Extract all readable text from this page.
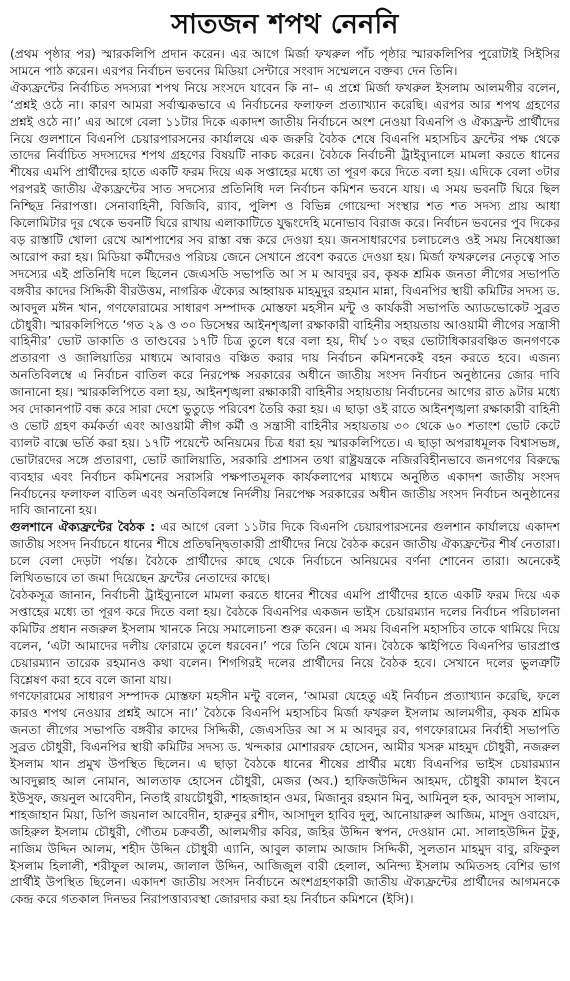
সাতজন শপথ নেননি

(প্রথম পৃষ্ঠার পর) স্মারকলিপি প্রদান করেন। এর আগে মির্জা ফখরুল পাঁচ পৃষ্ঠার স্মারকলিপির পুরোটাই সিইসির সামনে পাঠ করেন। এরপর নির্বাচন ভবনের মিডিয়া সেন্টারে সংবাদ সম্মেলনে বক্তব্য দেন তিনি।

ঐক্যফ্রন্টের নির্বাচিত সদস্যরা শপথ নিয়ে সংসদে যাবেন কি না– এ প্রশ্নে মির্জা ফখরুল ইসলাম আলমগীর বলেন, ‘প্রশ্নই ওঠে না। কারণ আমরা সর্বাত্মকভাবে এ নির্বাচনের ফলাফল প্রত্যাখ্যান করেছি। এরপর আর শপথ গ্রহণের প্রশ্নই ওঠে না।’ এর আগে বেলা ১১টার দিকে একাদশ জাতীয় নির্বাচনে অংশ নেওয়া বিএনপি ও ঐক্যফ্রন্ট প্রার্থীদের নিয়ে গুলশানে বিএনপি চেয়ারপারসনের কার্যালয়ে এক জরুরি বৈঠক শেষে বিএনপি মহাসচিব ফ্রন্টের পক্ষ থেকে তাদের নির্বাচিত সদস্যদের শপথ গ্রহণের বিষয়টি নাকচ করেন। বৈঠকে নির্বাচনী ট্রাইব্যুনালে মামলা করতে ধানের শীষের এমপি প্রার্থীদের হাতে একটি ফরম দিয়ে এক সপ্তাহের মধ্যে তা পূরণ করে দিতে বলা হয়। এদিকে বেলা ৩টার পরপরই জাতীয় ঐক্যফ্রন্টের সাত সদস্যের প্রতিনিধি দল নির্বাচন কমিশন ভবনে যায়। এ সময় ভবনটি ঘিরে ছিল নিশ্ছিদ্র নিরাপত্তা। সেনাবাহিনী, বিজিবি, র‌্যাব, পুলিশ ও বিভিন্ন গোয়েন্দা সংস্থার শত শত সদস্য প্রায় আধা কিলোমিটার দূর থেকে ভবনটি ঘিরে রাখায় এলাকাটিতে যুদ্ধংদেহি মনোভাব বিরাজ করে। নির্বাচন ভবনের পুব দিকের বড় রাস্তাটি খোলা রেখে আশপাশের সব রাস্তা বন্ধ করে দেওয়া হয়। জনসাধারণের চলাচলেও ওই সময় নিষেধাজ্ঞা আরোপ করা হয়। মিডিয়া কর্মীদেরও পরিচয় জেনে সেখানে প্রবেশ করতে দেওয়া হয়। মির্জা ফখরুলের নেতৃত্বে সাত সদস্যের এই প্রতিনিধি দলে ছিলেন জেএসডি সভাপতি আ স ম আবদুর রব, কৃষক শ্রমিক জনতা লীগের সভাপতি বঙ্গবীর কাদের সিদ্দিকী বীরউত্তম, নাগরিক ঐক্যের আহ্বায়ক মাহমুদুর রহমান মান্না, বিএনপির স্থায়ী কমিটির সদস্য ড. আবদুল মঈন খান, গণফোরামের সাধারণ সম্পাদক মোস্তফা মহসীন মন্টু ও কার্যকরী সভাপতি অ্যাডভোকেট সুব্রত চৌধুরী। স্মারকলিপিতে ‘গত ২৯ ও ৩০ ডিসেম্বর আইনশৃঙ্খলা রক্ষাকারী বাহিনীর সহায়তায় আওয়ামী লীগের সন্ত্রাসী বাহিনীর’ ভোট ডাকাতি ও তাণ্ডবের ১৭টি চিত্র তুলে ধরে বলা হয়, দীর্ঘ ১০ বছর ভোটাধিকারবঞ্চিত জনগণকে প্রতারণা ও জালিয়াতির মাধ্যমে আবারও বঞ্চিত করার দায় নির্বাচন কমিশনকেই বহন করতে হবে। এজন্য অনতিবিলম্বে এ নির্বাচন বাতিল করে নিরপেক্ষ সরকারের অধীনে জাতীয় সংসদ নির্বাচন অনুষ্ঠানের জোর দাবি জানানো হয়। স্মারকলিপিতে বলা হয়, আইনশৃঙ্খলা রক্ষাকারী বাহিনীর সহায়তায় নির্বাচনের আগের রাত ৯টার মধ্যে সব দোকানপাট বন্ধ করে সারা দেশে ভুতুড়ে পরিবেশ তৈরি করা হয়। এ ছাড়া ওই রাতে আইনশৃঙ্খলা রক্ষাকারী বাহিনী ও ভোট গ্রহণ কর্মকর্তা এবং আওয়ামী লীগ কর্মী ও সন্ত্রাসী বাহিনীর সহায়তায় ৩০ থেকে ৬০ শতাংশ ভোট কেটে ব্যালট বাক্সে ভর্তি করা হয়। ১৭টি পয়েন্টে অনিয়মের চিত্র ধরা হয় স্মারকলিপিতে। এ ছাড়া অপরাধমূলক বিশ্বাসভঙ্গ, ভোটারদের সঙ্গে প্রতারণা, ভোট জালিয়াতি, সরকারি প্রশাসন তথা রাষ্ট্রযন্ত্রকে নজিরবিহীনভাবে জনগণের বিরুদ্ধে ব্যবহার এবং নির্বাচন কমিশনের সরাসরি পক্ষপাতমূলক কার্যকলাপের মাধ্যমে অনুষ্ঠিত একাদশ জাতীয় সংসদ নির্বাচনের ফলাফল বাতিল এবং অনতিবিলম্বে নির্দলীয় নিরপেক্ষ সরকারের অধীন জাতীয় সংসদ নির্বাচন অনুষ্ঠানের দাবি জানানো হয়।

গুলশানে ঐক্যফ্রন্টের বৈঠক : এর আগে বেলা ১১টার দিকে বিএনপি চেয়ারপারসনের গুলশান কার্যালয়ে একাদশ জাতীয় সংসদ নির্বাচনে ধানের শীষে প্রতিদ্বন্দ্বিতাকারী প্রার্থীদের নিয়ে বৈঠক করেন জাতীয় ঐক্যফ্রন্টের শীর্ষ নেতারা। চলে বেলা দেড়টা পর্যন্ত। বৈঠকে প্রার্থীদের কাছে থেকে নির্বাচনে অনিয়মের বর্ণনা শোনেন তারা। অনেকেই লিখিতভাবে তা জমা দিয়েছেন ফ্রন্টের নেতাদের কাছে।

বৈঠকসূত্র জানান, নির্বাচনী ট্রাইব্যুনালে মামলা করতে ধানের শীষের এমপি প্রার্থীদের হাতে একটি ফরম দিয়ে এক সপ্তাহের মধ্যে তা পূরণ করে দিতে বলা হয়। বৈঠকে বিএনপির একজন ভাইস চেয়ারম্যান দলের নির্বাচন পরিচালনা কমিটির প্রধান নজরুল ইসলাম খানকে নিয়ে সমালোচনা শুরু করেন। এ সময় বিএনপি মহাসচিব তাকে থামিয়ে দিয়ে বলেন, ‘এটা আমাদের দলীয় ফোরামে তুলে ধরবেন।’ পরে তিনি থেমে যান। বৈঠকে স্কাইপিতে বিএনপির ভারপ্রাপ্ত চেয়ারম্যান তারেক রহমানও কথা বলেন। শিগগিরই দলের প্রার্থীদের নিয়ে বৈঠক হবে। সেখানে দলের ভুলত্রুটি বিশ্লেষণ করা হবে বলে জানা যায়।

গণফোরামের সাধারণ সম্পাদক মোস্তফা মহসীন মন্টু বলেন, ‘আমরা যেহেতু এই নির্বাচন প্রত্যাখ্যান করেছি, ফলে কারও শপথ নেওয়ার প্রশ্নই আসে না।’ বৈঠকে বিএনপি মহাসচিব মির্জা ফখরুল ইসলাম আলমগীর, কৃষক শ্রমিক জনতা লীগের সভাপতি বঙ্গবীর কাদের সিদ্দিকী, জেএসডির আ স ম আবদুর রব, গণফোরামের নির্বাহী সভাপতি সুব্রত চৌধুরী, বিএনপির স্থায়ী কমিটির সদস্য ড. খন্দকার মোশাররফ হোসেন, আমীর খসরু মাহমুদ চৌধুরী, নজরুল ইসলাম খান প্রমুখ উপস্থিত ছিলেন। এ ছাড়া বৈঠকে ধানের শীষের প্রার্থীর মধ্যে বিএনপির ভাইস চেয়ারম্যান আবদুল্লাহ আল নোমান, আলতাফ হোসেন চৌধুরী, মেজর (অব.) হাফিজউদ্দিন আহমদ, চৌধুরী কামাল ইবনে ইউসুফ, জয়নুল আবেদীন, নিতাই রায়চৌধুরী, শাহজাহান ওমর, মিজানুর রহমান মিনু, আমিনুল হক, আবদুস সালাম, শাহজাহান মিয়া, ডিপি জয়নাল আবেদীন, হারুনুর রশীদ, আসাদুল হাবিব দুলু, আনোয়ারুল আজিম, মাসুদ ওবায়েদ, জহিরুল ইসলাম চৌধুরী, গৌতম চক্রবর্তী, আলমগীর কবির, জহির উদ্দিন স্বপন, দেওয়ান মো. সালাহউদ্দিন টুকু, নাজিম উদ্দিন আলম, শহীদ উদ্দিন চৌধুরী এ্যানি, আবুল কালাম আজাদ সিদ্দিকী, সুলতান মাহমুদ বাবু, রফিকুল ইসলাম হিলালী, শরীফুল আলম, জালাল উদ্দিন, আজিজুল বারী হেলাল, অনিন্দ্য ইসলাম অমিতসহ বেশির ভাগ প্রার্থীই উপস্থিত ছিলেন। একাদশ জাতীয় সংসদ নির্বাচনে অংশগ্রহণকারী জাতীয় ঐক্যফ্রন্টের প্রার্থীদের আগমনকে কেন্দ্র করে গতকাল দিনভর নিরাপত্তাব্যবস্থা জোরদার করা হয় নির্বাচন কমিশনে (ইসি)।
